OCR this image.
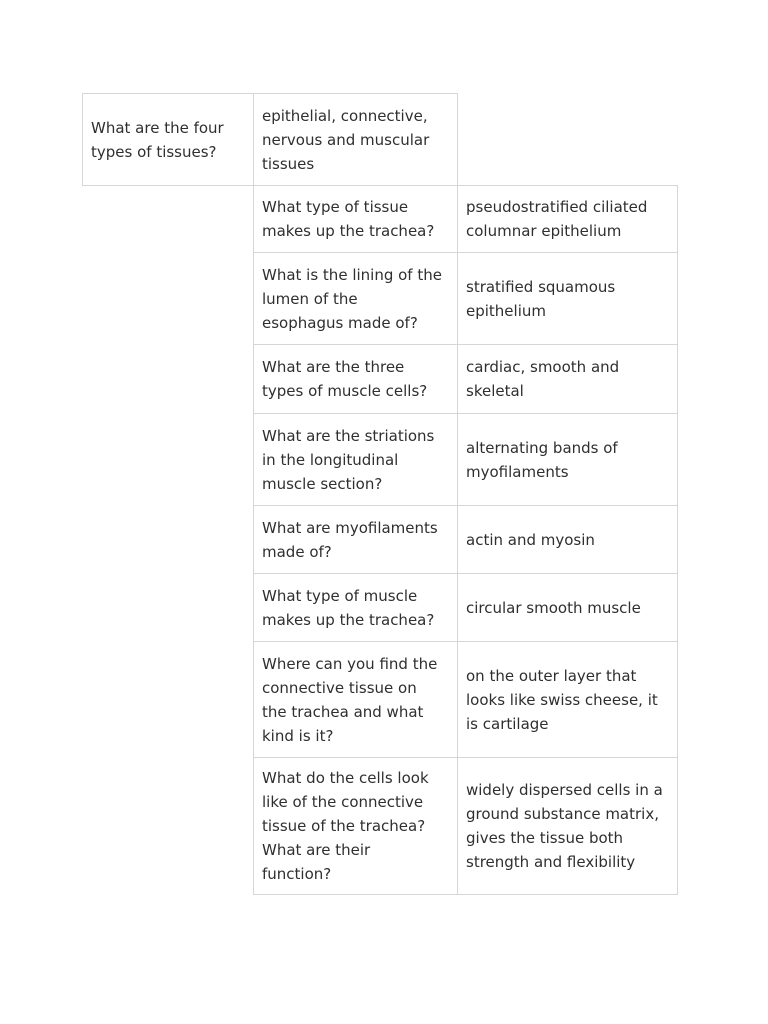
What are the four
types of tissues?
epithelial, connective,
nervous and muscular
tissues
What type of tissue
makes up the trachea?
pseudostratified ciliated
columnar epithelium
What is the lining of the
lumen of the
esophagus made of?
stratified squamous
epithelium
What are the three
types of muscle cells?
cardiac, smooth and
skeletal
What are the striations
in the longitudinal
muscle section?
alternating bands of
myofilaments
What are myofilaments
made of?
actin and myosin
What type of muscle
makes up the trachea?
circular smooth muscle
Where can you find the
connective tissue on
the trachea and what
kind is it?
on the outer layer that
looks like swiss cheese, it
is cartilage
What do the cells look
like of the connective
tissue of the trachea?
What are their
function?
widely dispersed cells in a
ground substance matrix,
gives the tissue both
strength and flexibility
